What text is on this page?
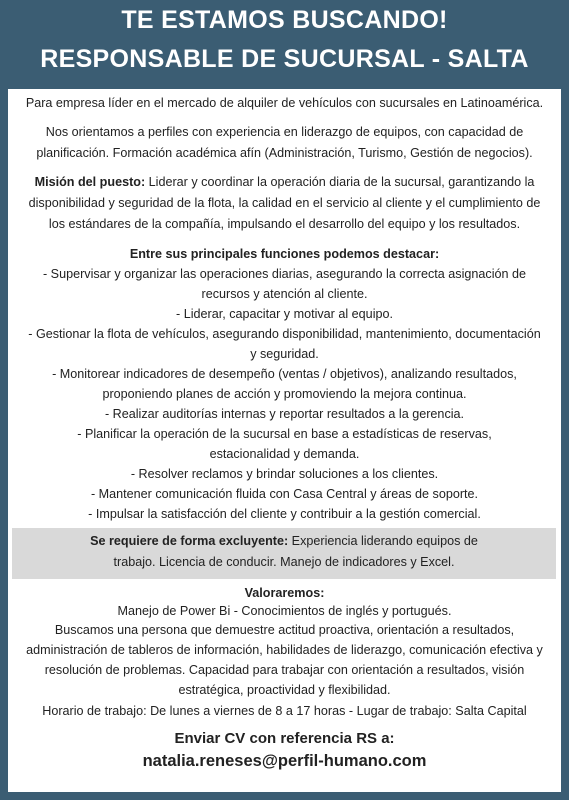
TE ESTAMOS BUSCANDO!
RESPONSABLE DE SUCURSAL - SALTA
Para empresa líder en el mercado de alquiler de vehículos con sucursales en Latinoamérica.
Nos orientamos a perfiles con experiencia en liderazgo de equipos, con capacidad de planificación. Formación académica afín (Administración, Turismo, Gestión de negocios).
Misión del puesto: Liderar y coordinar la operación diaria de la sucursal, garantizando la disponibilidad y seguridad de la flota, la calidad en el servicio al cliente y el cumplimiento de los estándares de la compañía, impulsando el desarrollo del equipo y los resultados.
Entre sus principales funciones podemos destacar:
- Supervisar y organizar las operaciones diarias, asegurando la correcta asignación de recursos y atención al cliente.
- Liderar, capacitar y motivar al equipo.
- Gestionar la flota de vehículos, asegurando disponibilidad, mantenimiento, documentación y seguridad.
- Monitorear indicadores de desempeño (ventas / objetivos), analizando resultados, proponiendo planes de acción y promoviendo la mejora continua.
- Realizar auditorías internas y reportar resultados a la gerencia.
- Planificar la operación de la sucursal en base a estadísticas de reservas, estacionalidad y demanda.
- Resolver reclamos y brindar soluciones a los clientes.
- Mantener comunicación fluida con Casa Central y áreas de soporte.
- Impulsar la satisfacción del cliente y contribuir a la gestión comercial.
Se requiere de forma excluyente: Experiencia liderando equipos de trabajo. Licencia de conducir. Manejo de indicadores y Excel.
Valoraremos:
Manejo de Power Bi - Conocimientos de inglés y portugués.
Buscamos una persona que demuestre actitud proactiva, orientación a resultados, administración de tableros de información, habilidades de liderazgo, comunicación efectiva y resolución de problemas. Capacidad para trabajar con orientación a resultados, visión estratégica, proactividad y flexibilidad.
Horario de trabajo: De lunes a viernes de 8 a 17 horas - Lugar de trabajo: Salta Capital
Enviar CV con referencia RS a:
natalia.reneses@perfil-humano.com
